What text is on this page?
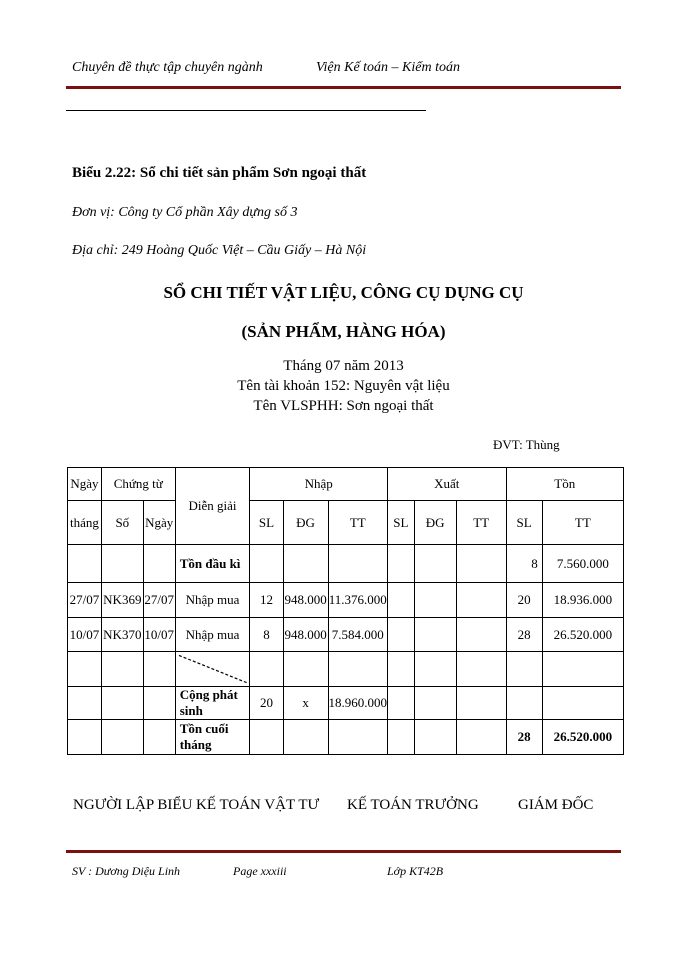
Chuyên đề thực tập chuyên ngành	Viện Kế toán – Kiểm toán
Biểu 2.22: Sổ chi tiết sản phẩm Sơn ngoại thất
Đơn vị: Công ty Cổ phần Xây dựng số 3
Địa chỉ: 249 Hoàng Quốc Việt – Cầu Giấy – Hà Nội
SỔ CHI TIẾT VẬT LIỆU, CÔNG CỤ DỤNG CỤ
(SẢN PHẨM, HÀNG HÓA)
Tháng 07 năm 2013
Tên tài khoản 152: Nguyên vật liệu
Tên VLSPHH: Sơn ngoại thất
ĐVT: Thùng
Ngày	Chứng từ		Diễn giải	Nhập			Xuất			Tồn	
tháng	Số	Ngày		SL	ĐG	TT	SL	ĐG	TT	SL	TT
			Tồn đầu kì							8	7.560.000
27/07	NK369	27/07	Nhập mua	12	948.000	11.376.000				20	18.936.000
10/07	NK370	10/07	Nhập mua	8	948.000	7.584.000				28	26.520.000

			Cộng phát sinh	20	x	18.960.000					
			Tồn cuối tháng							28	26.520.000
NGƯỜI LẬP BIỂU KẾ TOÁN VẬT TƯ KẾ TOÁN TRƯỞNG	GIÁM ĐỐC
SV : Dương Diệu Linh	Page xxxiii	Lớp KT42B
